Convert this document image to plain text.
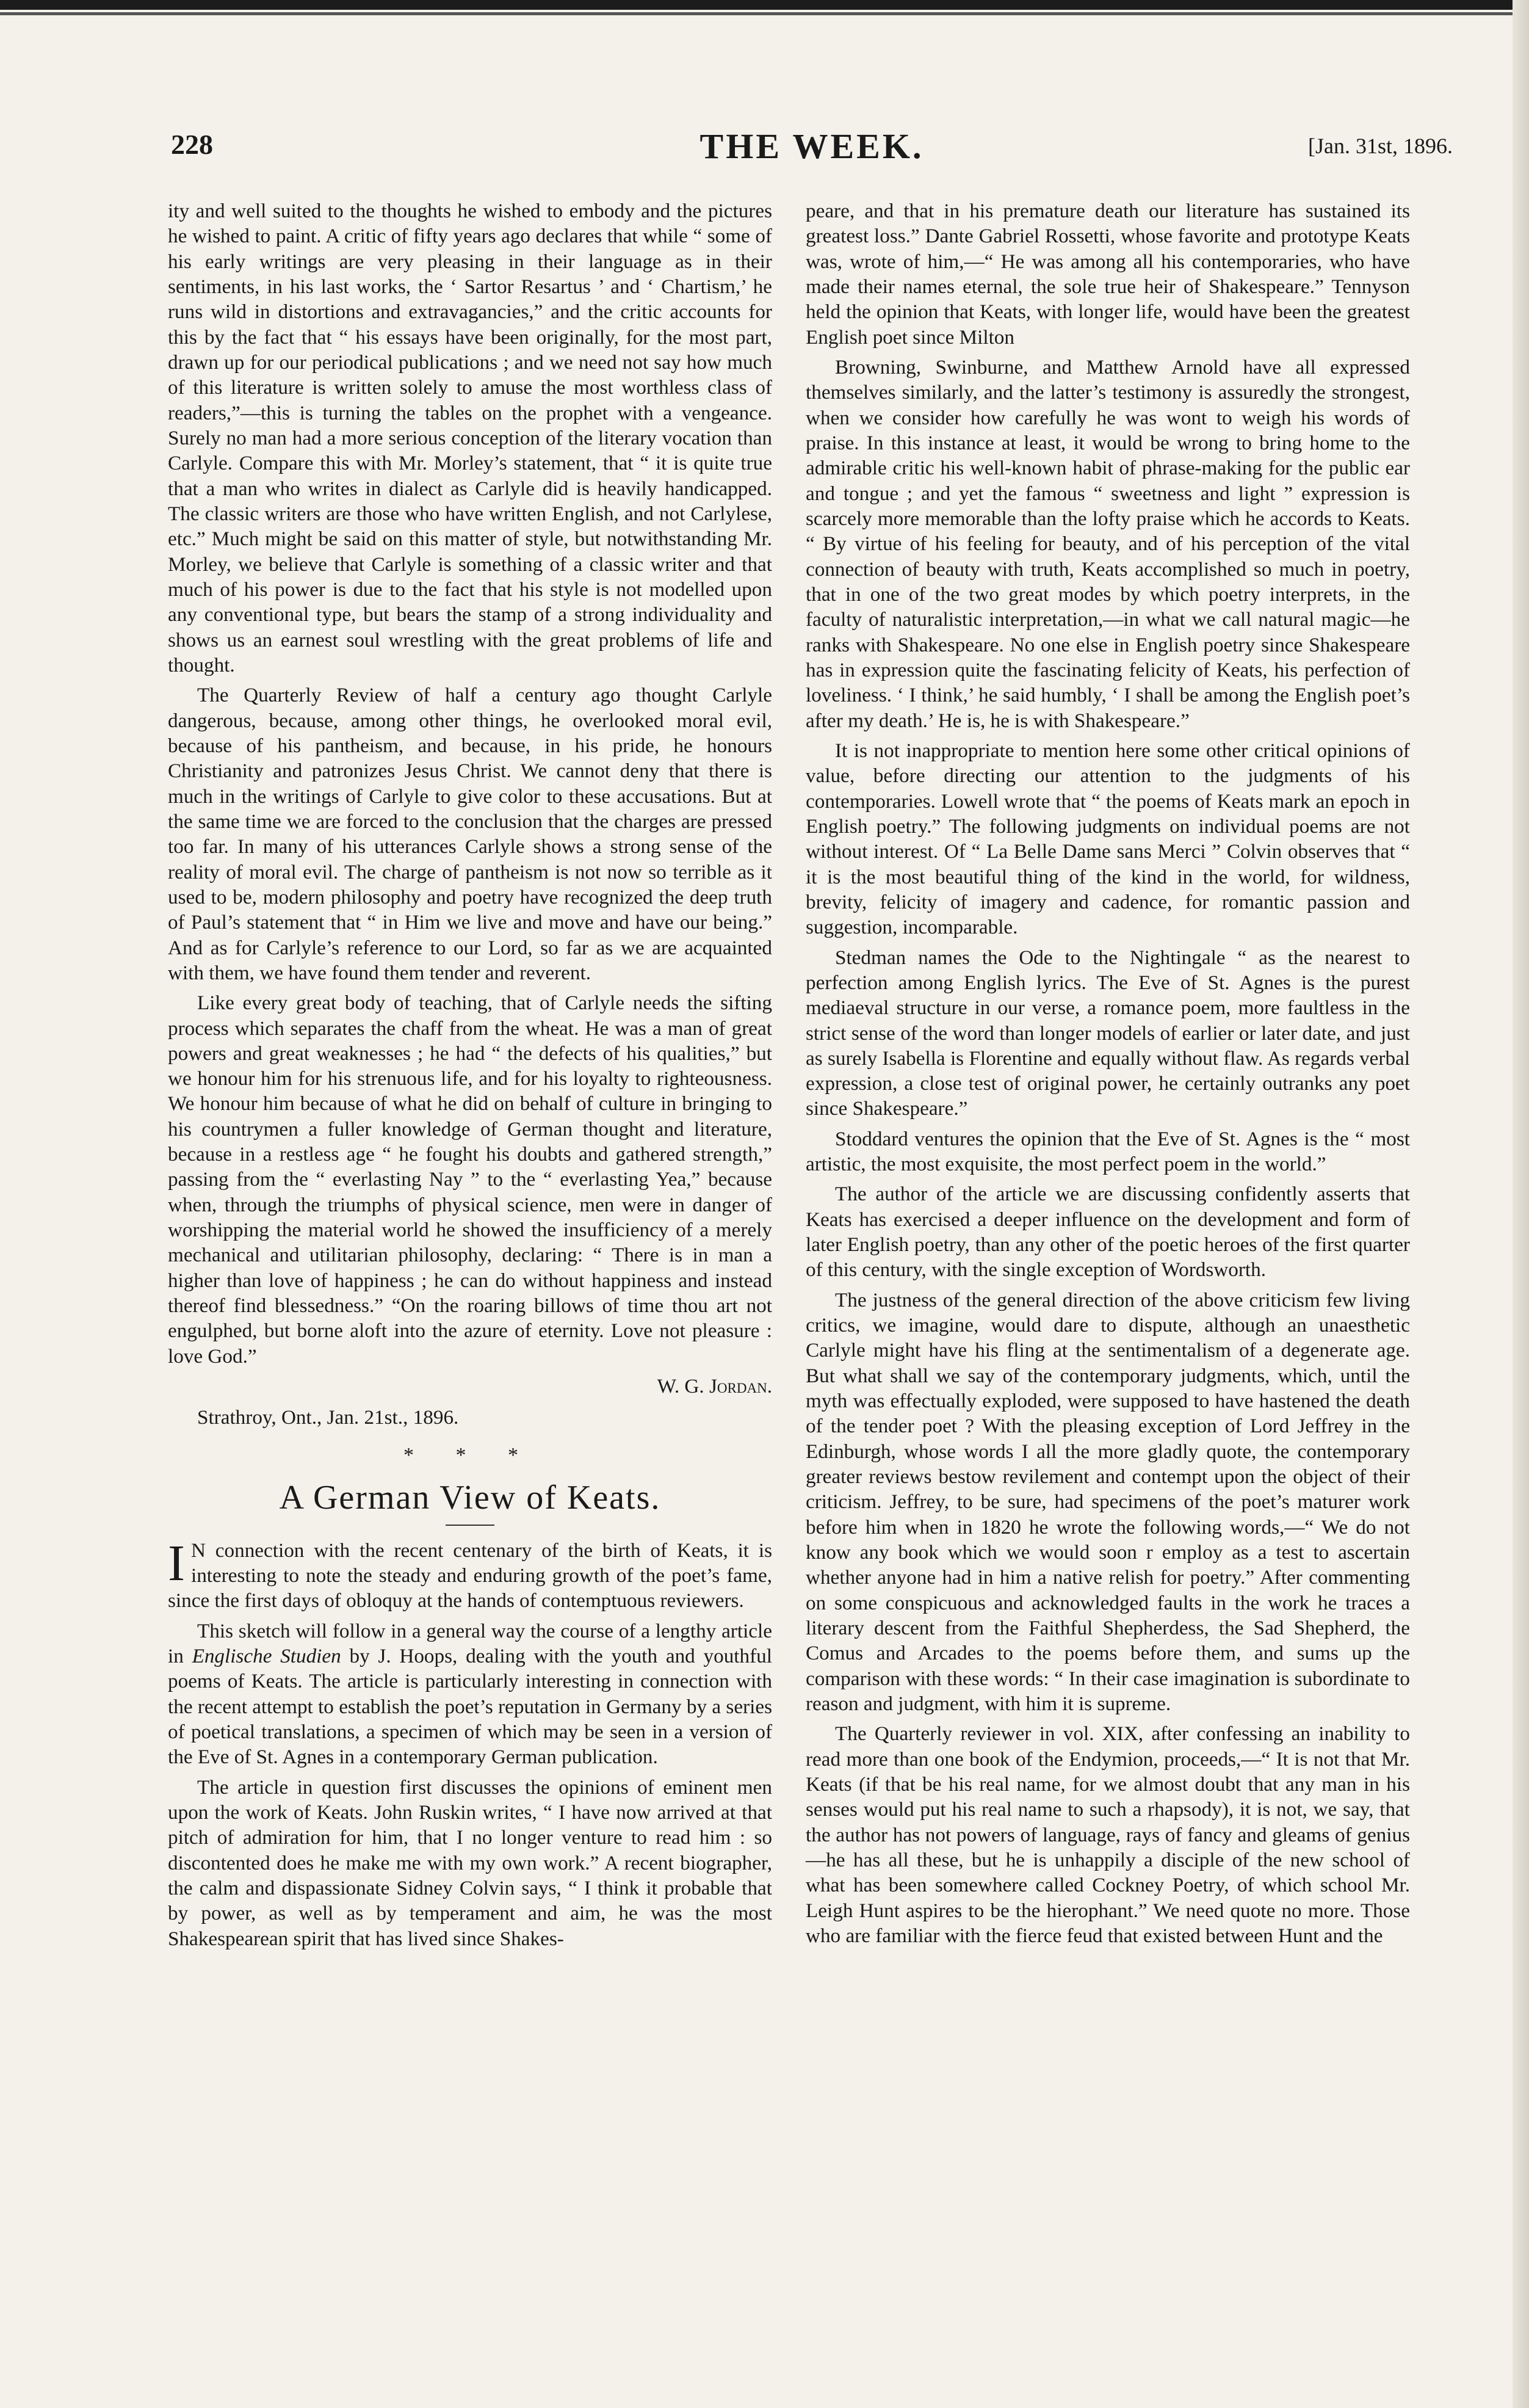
228	THE WEEK.	[Jan. 31st, 1896.

ity and well suited to the thoughts he wished to embody and the pictures he wished to paint. A critic of fifty years ago declares that while “ some of his early writings are very pleasing in their language as in their sentiments, in his last works, the ‘ Sartor Resartus ’ and ‘ Chartism,’ he runs wild in distortions and extravagancies,” and the critic accounts for this by the fact that “ his essays have been originally, for the most part, drawn up for our periodical publications ; and we need not say how much of this literature is written solely to amuse the most worthless class of readers,”—this is turning the tables on the prophet with a vengeance. Surely no man had a more serious conception of the literary vocation than Carlyle. Compare this with Mr. Morley’s statement, that “ it is quite true that a man who writes in dialect as Carlyle did is heavily handicapped. The classic writers are those who have written English, and not Carlylese, etc.” Much might be said on this matter of style, but notwithstanding Mr. Morley, we believe that Carlyle is something of a classic writer and that much of his power is due to the fact that his style is not modelled upon any conventional type, but bears the stamp of a strong individuality and shows us an earnest soul wrestling with the great problems of life and thought.

The Quarterly Review of half a century ago thought Carlyle dangerous, because, among other things, he overlooked moral evil, because of his pantheism, and because, in his pride, he honours Christianity and patronizes Jesus Christ. We cannot deny that there is much in the writings of Carlyle to give color to these accusations. But at the same time we are forced to the conclusion that the charges are pressed too far. In many of his utterances Carlyle shows a strong sense of the reality of moral evil. The charge of pantheism is not now so terrible as it used to be, modern philosophy and poetry have recognized the deep truth of Paul’s statement that “ in Him we live and move and have our being.” And as for Carlyle’s reference to our Lord, so far as we are acquainted with them, we have found them tender and reverent.

Like every great body of teaching, that of Carlyle needs the sifting process which separates the chaff from the wheat. He was a man of great powers and great weaknesses ; he had “ the defects of his qualities,” but we honour him for his strenuous life, and for his loyalty to righteousness. We honour him because of what he did on behalf of culture in bringing to his countrymen a fuller knowledge of German thought and literature, because in a restless age “ he fought his doubts and gathered strength,” passing from the “ everlasting Nay ” to the “ everlasting Yea,” because when, through the triumphs of physical science, men were in danger of worshipping the material world he showed the insufficiency of a merely mechanical and utilitarian philosophy, declaring: “ There is in man a higher than love of happiness ; he can do without happiness and instead thereof find blessedness.” “On the roaring billows of time thou art not engulphed, but borne aloft into the azure of eternity. Love not pleasure : love God.”

W. G. Jordan.
Strathroy, Ont., Jan. 21st., 1896.
* * *
A German View of Keats.

I N connection with the recent centenary of the birth of Keats, it is interesting to note the steady and enduring growth of the poet’s fame, since the first days of obloquy at the hands of contemptuous reviewers.

This sketch will follow in a general way the course of a lengthy article in Englische Studien by J. Hoops, dealing with the youth and youthful poems of Keats. The article is particularly interesting in connection with the recent attempt to establish the poet’s reputation in Germany by a series of poetical translations, a specimen of which may be seen in a version of the Eve of St. Agnes in a contemporary German publication.

The article in question first discusses the opinions of eminent men upon the work of Keats. John Ruskin writes, “ I have now arrived at that pitch of admiration for him, that I no longer venture to read him : so discontented does he make me with my own work.” A recent biographer, the calm and dispassionate Sidney Colvin says, “ I think it probable that by power, as well as by temperament and aim, he was the most Shakespearean spirit that has lived since Shakes-

peare, and that in his premature death our literature has sustained its greatest loss.” Dante Gabriel Rossetti, whose favorite and prototype Keats was, wrote of him,—“ He was among all his contemporaries, who have made their names eternal, the sole true heir of Shakespeare.” Tennyson held the opinion that Keats, with longer life, would have been the greatest English poet since Milton

Browning, Swinburne, and Matthew Arnold have all expressed themselves similarly, and the latter’s testimony is assuredly the strongest, when we consider how carefully he was wont to weigh his words of praise. In this instance at least, it would be wrong to bring home to the admirable critic his well-known habit of phrase-making for the public ear and tongue ; and yet the famous “ sweetness and light ” expression is scarcely more memorable than the lofty praise which he accords to Keats. “ By virtue of his feeling for beauty, and of his perception of the vital connection of beauty with truth, Keats accomplished so much in poetry, that in one of the two great modes by which poetry interprets, in the faculty of naturalistic interpretation,—in what we call natural magic—he ranks with Shakespeare. No one else in English poetry since Shakespeare has in expression quite the fascinating felicity of Keats, his perfection of loveliness. ‘ I think,’ he said humbly, ‘ I shall be among the English poet’s after my death.’ He is, he is with Shakespeare.”

It is not inappropriate to mention here some other critical opinions of value, before directing our attention to the judgments of his contemporaries. Lowell wrote that “ the poems of Keats mark an epoch in English poetry.” The following judgments on individual poems are not without interest. Of “ La Belle Dame sans Merci ” Colvin observes that “ it is the most beautiful thing of the kind in the world, for wildness, brevity, felicity of imagery and cadence, for romantic passion and suggestion, incomparable.

Stedman names the Ode to the Nightingale “ as the nearest to perfection among English lyrics. The Eve of St. Agnes is the purest mediaeval structure in our verse, a romance poem, more faultless in the strict sense of the word than longer models of earlier or later date, and just as surely Isabella is Florentine and equally without flaw. As regards verbal expression, a close test of original power, he certainly outranks any poet since Shakespeare.”

Stoddard ventures the opinion that the Eve of St. Agnes is the “ most artistic, the most exquisite, the most perfect poem in the world.”

The author of the article we are discussing confidently asserts that Keats has exercised a deeper influence on the development and form of later English poetry, than any other of the poetic heroes of the first quarter of this century, with the single exception of Wordsworth.

The justness of the general direction of the above criticism few living critics, we imagine, would dare to dispute, although an unaesthetic Carlyle might have his fling at the sentimentalism of a degenerate age. But what shall we say of the contemporary judgments, which, until the myth was effectually exploded, were supposed to have hastened the death of the tender poet ? With the pleasing exception of Lord Jeffrey in the Edinburgh, whose words I all the more gladly quote, the contemporary greater reviews bestow revilement and contempt upon the object of their criticism. Jeffrey, to be sure, had specimens of the poet’s maturer work before him when in 1820 he wrote the following words,—“ We do not know any book which we would soon r employ as a test to ascertain whether anyone had in him a native relish for poetry.” After commenting on some conspicuous and acknowledged faults in the work he traces a literary descent from the Faithful Shepherdess, the Sad Shepherd, the Comus and Arcades to the poems before them, and sums up the comparison with these words: “ In their case imagination is subordinate to reason and judgment, with him it is supreme.

The Quarterly reviewer in vol. XIX, after confessing an inability to read more than one book of the Endymion, proceeds,—“ It is not that Mr. Keats (if that be his real name, for we almost doubt that any man in his senses would put his real name to such a rhapsody), it is not, we say, that the author has not powers of language, rays of fancy and gleams of genius—he has all these, but he is unhappily a disciple of the new school of what has been somewhere called Cockney Poetry, of which school Mr. Leigh Hunt aspires to be the hierophant.” We need quote no more. Those who are familiar with the fierce feud that existed between Hunt and the
